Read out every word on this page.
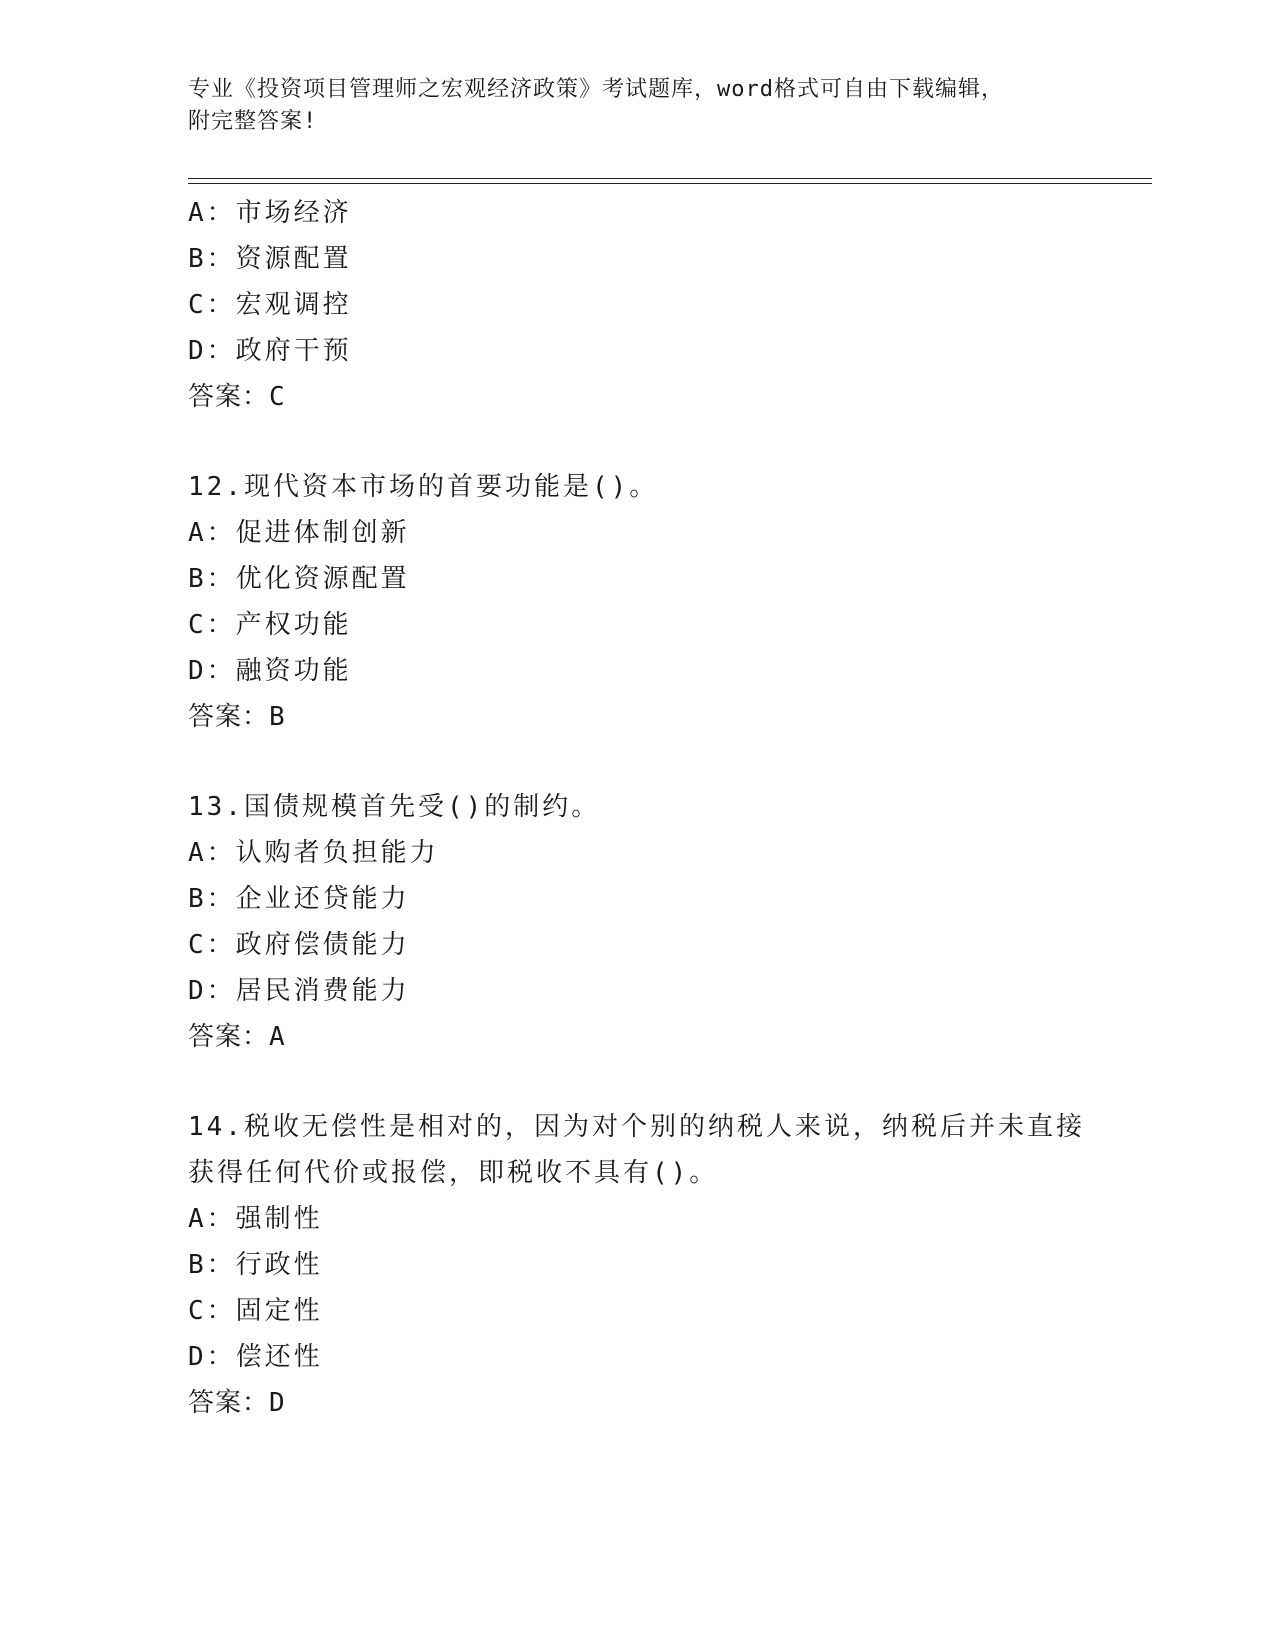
专业《投资项目管理师之宏观经济政策》考试题库，word格式可自由下载编辑，
附完整答案!
A：市场经济
B：资源配置
C：宏观调控
D：政府干预
答案：C
12.现代资本市场的首要功能是()。
A：促进体制创新
B：优化资源配置
C：产权功能
D：融资功能
答案：B
13.国债规模首先受()的制约。
A：认购者负担能力
B：企业还贷能力
C：政府偿债能力
D：居民消费能力
答案：A
14.税收无偿性是相对的，因为对个别的纳税人来说，纳税后并未直接
获得任何代价或报偿，即税收不具有()。
A：强制性
B：行政性
C：固定性
D：偿还性
答案：D
